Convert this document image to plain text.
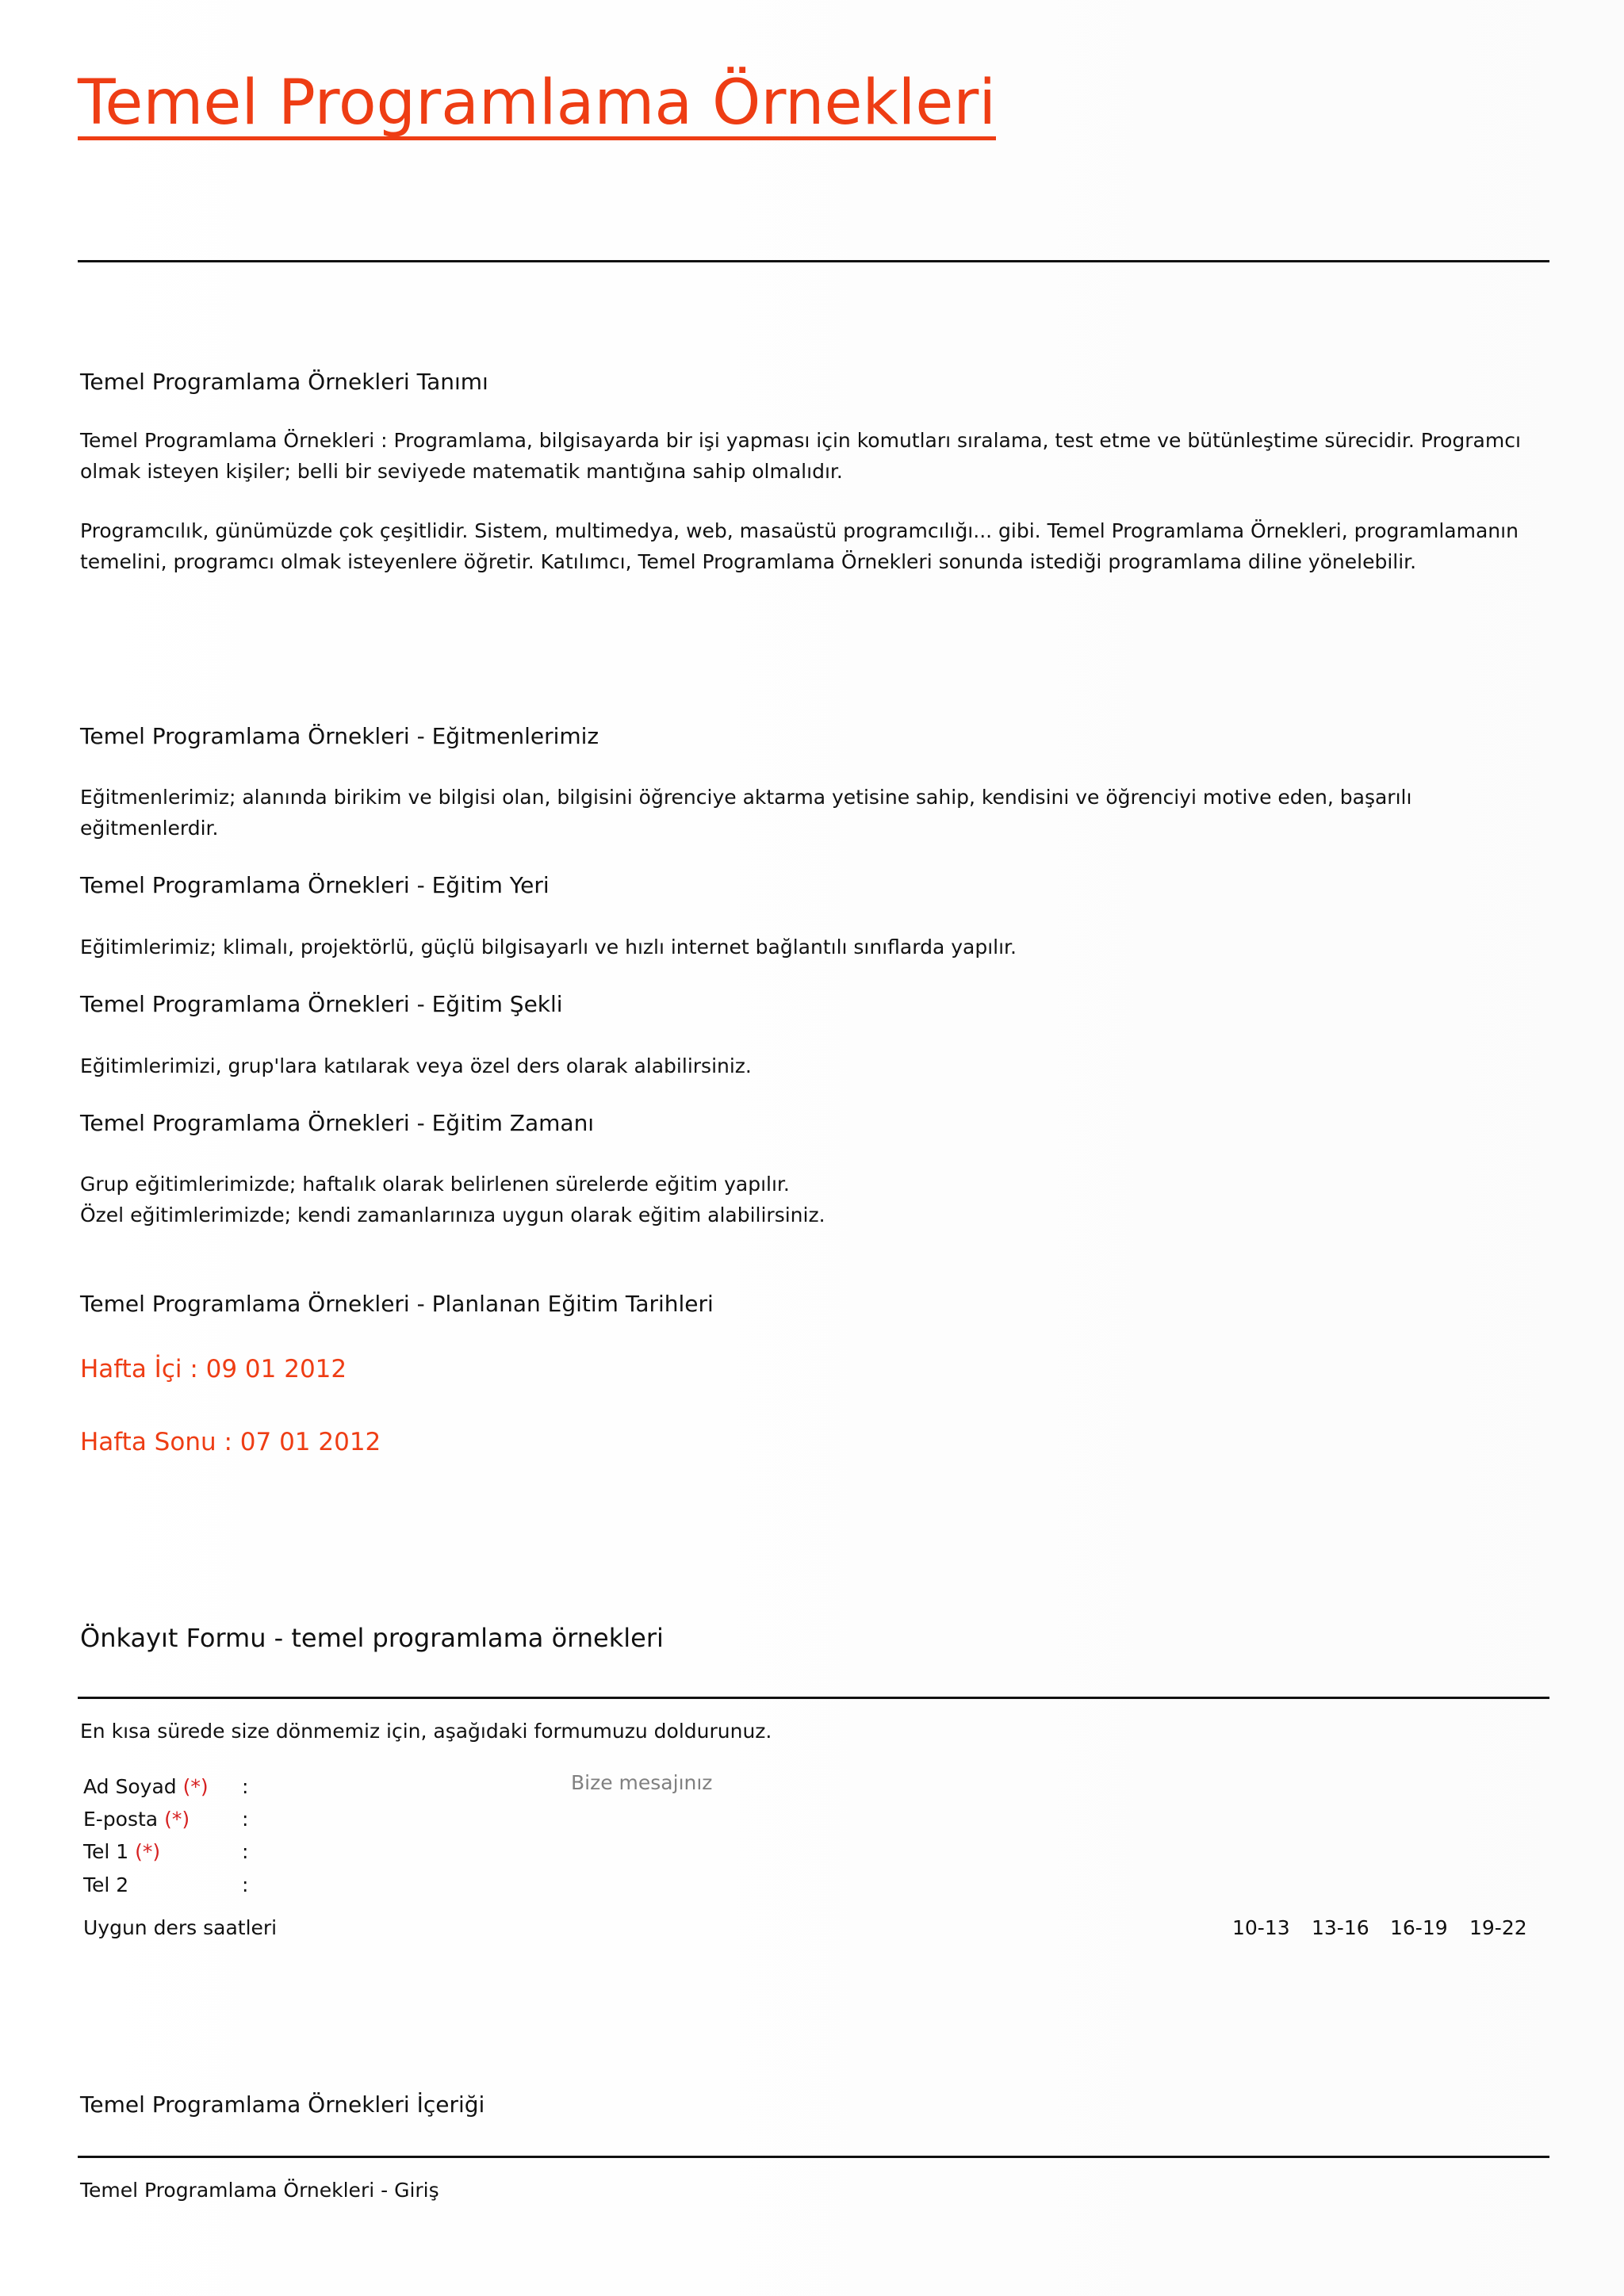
Temel Programlama Örnekleri
Temel Programlama Örnekleri Tanımı

Temel Programlama Örnekleri : Programlama, bilgisayarda bir işi yapması için komutları sıralama, test etme ve bütünleştime sürecidir. Programcı olmak isteyen kişiler; belli bir seviyede matematik mantığına sahip olmalıdır.

Programcılık, günümüzde çok çeşitlidir. Sistem, multimedya, web, masaüstü programcılığı... gibi. Temel Programlama Örnekleri, programlamanın temelini, programcı olmak isteyenlere öğretir. Katılımcı, Temel Programlama Örnekleri sonunda istediği programlama diline yönelebilir.

Temel Programlama Örnekleri - Eğitmenlerimiz

Eğitmenlerimiz; alanında birikim ve bilgisi olan, bilgisini öğrenciye aktarma yetisine sahip, kendisini ve öğrenciyi motive eden, başarılı eğitmenlerdir.

Temel Programlama Örnekleri - Eğitim Yeri

Eğitimlerimiz; klimalı, projektörlü, güçlü bilgisayarlı ve hızlı internet bağlantılı sınıflarda yapılır.

Temel Programlama Örnekleri - Eğitim Şekli

Eğitimlerimizi, grup'lara katılarak veya özel ders olarak alabilirsiniz.

Temel Programlama Örnekleri - Eğitim Zamanı

Grup eğitimlerimizde; haftalık olarak belirlenen sürelerde eğitim yapılır.

Özel eğitimlerimizde; kendi zamanlarınıza uygun olarak eğitim alabilirsiniz.

Temel Programlama Örnekleri - Planlanan Eğitim Tarihleri

Hafta İçi : 09 01 2012

Hafta Sonu : 07 01 2012

Önkayıt Formu - temel programlama örnekleri

En kısa sürede size dönmemiz için, aşağıdaki formumuzu doldurunuz.

Ad Soyad (*) :
E-posta (*)	:
Tel 1 (*)	:
Tel 2	:
Bize mesajınız
Uygun ders saatleri	10-13 13-16 16-19 19-22
Temel Programlama Örnekleri İçeriği

Temel Programlama Örnekleri - Giriş
